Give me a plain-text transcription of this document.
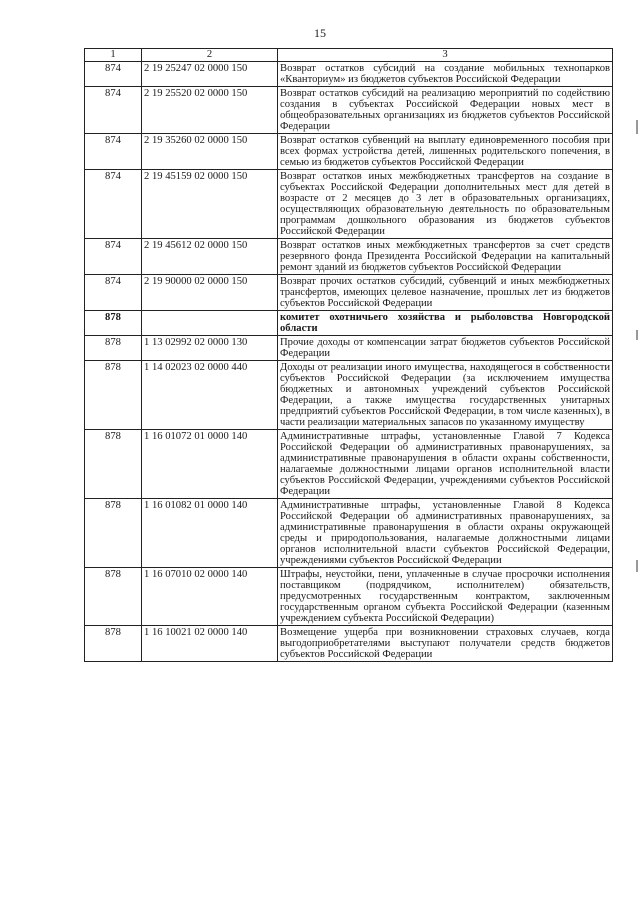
15
1	2	3
874	2 19 25247 02 0000 150	Возврат остатков субсидий на создание мобильных технопарков «Кванториум» из бюджетов субъектов Российской Федерации
874	2 19 25520 02 0000 150	Возврат остатков субсидий на реализацию мероприятий по содействию создания в субъектах Российской Федерации новых мест в общеобразовательных организациях из бюджетов субъектов Российской Федерации
874	2 19 35260 02 0000 150	Возврат остатков субвенций на выплату единовременного пособия при всех формах устройства детей, лишенных родительского попечения, в семью из бюджетов субъектов Российской Федерации
874	2 19 45159 02 0000 150	Возврат остатков иных межбюджетных трансфертов на создание в субъектах Российской Федерации дополнительных мест для детей в возрасте от 2 месяцев до 3 лет в образовательных организациях, осуществляющих образовательную деятельность по образовательным программам дошкольного образования из бюджетов субъектов Российской Федерации
874	2 19 45612 02 0000 150	Возврат остатков иных межбюджетных трансфертов за счет средств резервного фонда Президента Российской Федерации на капитальный ремонт зданий из бюджетов субъектов Российской Федерации
874	2 19 90000 02 0000 150	Возврат прочих остатков субсидий, субвенций и иных межбюджетных трансфертов, имеющих целевое назначение, прошлых лет из бюджетов субъектов Российской Федерации
878		комитет охотничьего хозяйства и рыболовства Новгородской области
878	1 13 02992 02 0000 130	Прочие доходы от компенсации затрат бюджетов субъектов Российской Федерации
878	1 14 02023 02 0000 440	Доходы от реализации иного имущества, находящегося в собственности субъектов Российской Федерации (за исключением имущества бюджетных и автономных учреждений субъектов Российской Федерации, а также имущества государственных унитарных предприятий субъектов Российской Федерации, в том числе казенных), в части реализации материальных запасов по указанному имуществу
878	1 16 01072 01 0000 140	Административные штрафы, установленные Главой 7 Кодекса Российской Федерации об административных правонарушениях, за административные правонарушения в области охраны собственности, налагаемые должностными лицами органов исполнительной власти субъектов Российской Федерации, учреждениями субъектов Российской Федерации
878	1 16 01082 01 0000 140	Административные штрафы, установленные Главой 8 Кодекса Российской Федерации об административных правонарушениях, за административные правонарушения в области охраны окружающей среды и природопользования, налагаемые должностными лицами органов исполнительной власти субъектов Российской Федерации, учреждениями субъектов Российской Федерации
878	1 16 07010 02 0000 140	Штрафы, неустойки, пени, уплаченные в случае просрочки исполнения поставщиком (подрядчиком, исполнителем) обязательств, предусмотренных государственным контрактом, заключенным государственным органом субъекта Российской Федерации (казенным учреждением субъекта Российской Федерации)
878	1 16 10021 02 0000 140	Возмещение ущерба при возникновении страховых случаев, когда выгодоприобретателями выступают получатели средств бюджетов субъектов Российской Федерации
